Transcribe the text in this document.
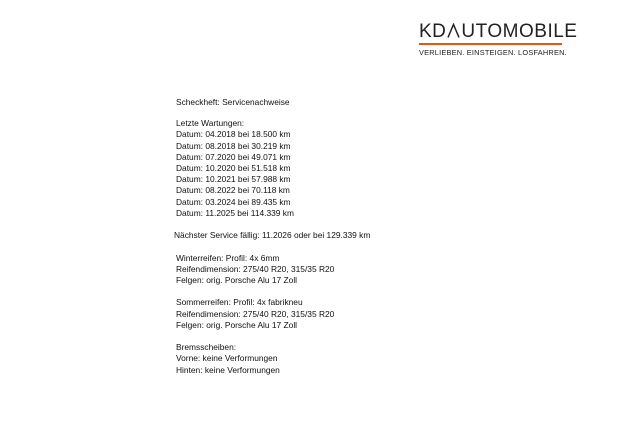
KD UTOMOBILE
VERLIEBEN. EINSTEIGEN. LOSFAHREN.
Scheckheft: Servicenachweise
Letzte Wartungen:
Datum: 04.2018 bei 18.500 km
Datum: 08.2018 bei 30.219 km
Datum: 07.2020 bei 49.071 km
Datum: 10.2020 bei 51.518 km
Datum: 10.2021 bei 57.988 km
Datum: 08.2022 bei 70.118 km
Datum: 03.2024 bei 89.435 km
Datum: 11.2025 bei 114.339 km
Nächster Service fällig: 11.2026 oder bei 129.339 km
Winterreifen: Profil: 4x 6mm
Reifendimension: 275/40 R20, 315/35 R20
Felgen: orig. Porsche Alu 17 Zoll
Sommerreifen: Profil: 4x fabrikneu
Reifendimension: 275/40 R20, 315/35 R20
Felgen: orig. Porsche Alu 17 Zoll
Bremsscheiben:
Vorne: keine Verformungen
Hinten: keine Verformungen
